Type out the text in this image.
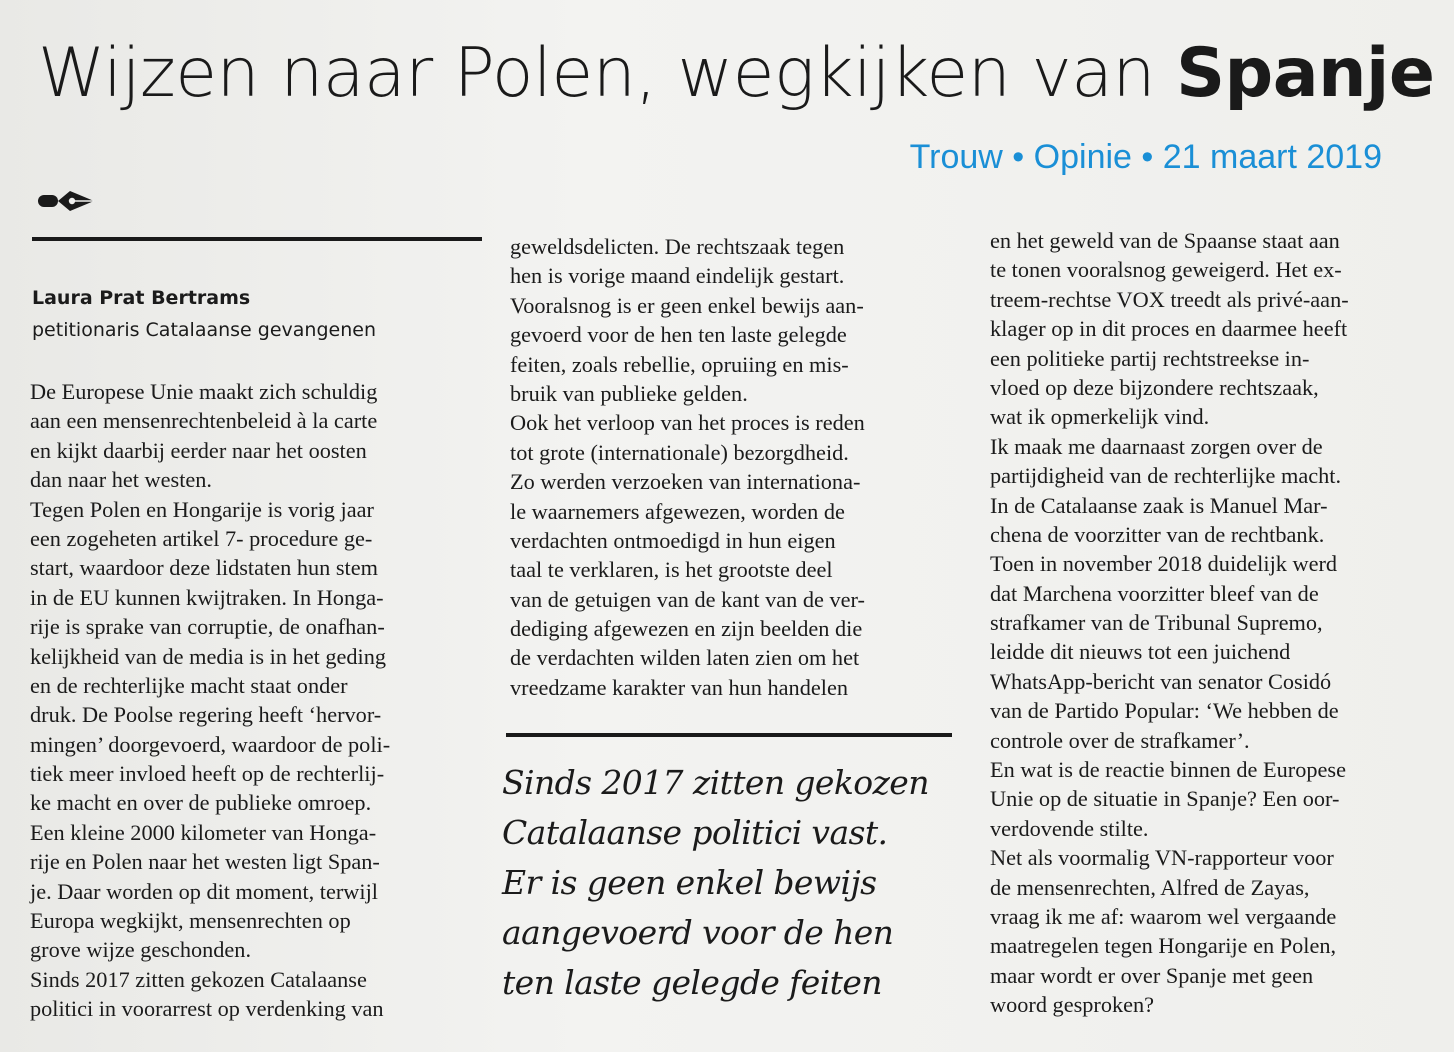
Wijzen naar Polen, wegkijken van Spanje
Trouw • Opinie • 21 maart 2019
Laura Prat Bertrams
petitionaris Catalaanse gevangenen
De Europese Unie maakt zich schuldig
aan een mensenrechtenbeleid à la carte
en kijkt daarbij eerder naar het oosten
dan naar het westen.
Tegen Polen en Hongarije is vorig jaar
een zogeheten artikel 7- procedure ge-
start, waardoor deze lidstaten hun stem
in de EU kunnen kwijtraken. In Honga-
rije is sprake van corruptie, de onafhan-
kelijkheid van de media is in het geding
en de rechterlijke macht staat onder
druk. De Poolse regering heeft ‘hervor-
mingen’ doorgevoerd, waardoor de poli-
tiek meer invloed heeft op de rechterlij-
ke macht en over de publieke omroep.
Een kleine 2000 kilometer van Honga-
rije en Polen naar het westen ligt Span-
je. Daar worden op dit moment, terwijl
Europa wegkijkt, mensenrechten op
grove wijze geschonden.
Sinds 2017 zitten gekozen Catalaanse
politici in voorarrest op verdenking van
geweldsdelicten. De rechtszaak tegen
hen is vorige maand eindelijk gestart.
Vooralsnog is er geen enkel bewijs aan-
gevoerd voor de hen ten laste gelegde
feiten, zoals rebellie, opruiing en mis-
bruik van publieke gelden.
Ook het verloop van het proces is reden
tot grote (internationale) bezorgdheid.
Zo werden verzoeken van internationa-
le waarnemers afgewezen, worden de
verdachten ontmoedigd in hun eigen
taal te verklaren, is het grootste deel
van de getuigen van de kant van de ver-
dediging afgewezen en zijn beelden die
de verdachten wilden laten zien om het
vreedzame karakter van hun handelen
Sinds 2017 zitten gekozen
Catalaanse politici vast.
Er is geen enkel bewijs
aangevoerd voor de hen
ten laste gelegde feiten
en het geweld van de Spaanse staat aan
te tonen vooralsnog geweigerd. Het ex-
treem-rechtse VOX treedt als privé-aan-
klager op in dit proces en daarmee heeft
een politieke partij rechtstreekse in-
vloed op deze bijzondere rechtszaak,
wat ik opmerkelijk vind.
Ik maak me daarnaast zorgen over de
partijdigheid van de rechterlijke macht.
In de Catalaanse zaak is Manuel Mar-
chena de voorzitter van de rechtbank.
Toen in november 2018 duidelijk werd
dat Marchena voorzitter bleef van de
strafkamer van de Tribunal Supremo,
leidde dit nieuws tot een juichend
WhatsApp-bericht van senator Cosidó
van de Partido Popular: ‘We hebben de
controle over de strafkamer’.
En wat is de reactie binnen de Europese
Unie op de situatie in Spanje? Een oor-
verdovende stilte.
Net als voormalig VN-rapporteur voor
de mensenrechten, Alfred de Zayas,
vraag ik me af: waarom wel vergaande
maatregelen tegen Hongarije en Polen,
maar wordt er over Spanje met geen
woord gesproken?
